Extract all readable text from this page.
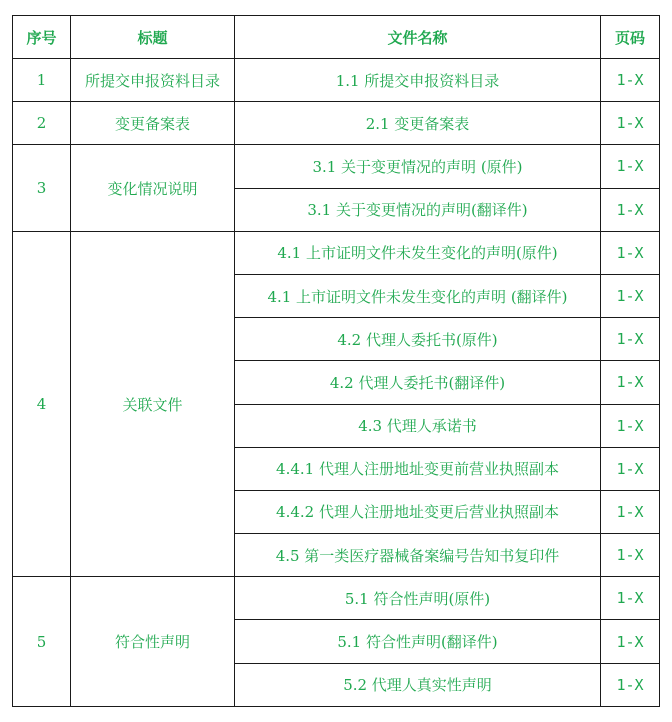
序号	标题	文件名称	页码
1	所提交申报资料目录	1.1 所提交申报资料目录	1-X
2	变更备案表	2.1 变更备案表	1-X
3	变化情况说明	3.1 关于变更情况的声明 (原件)	1-X
		3.1 关于变更情况的声明(翻译件)	1-X
4	关联文件	4.1 上市证明文件未发生变化的声明(原件)	1-X
		4.1 上市证明文件未发生变化的声明 (翻译件)	1-X
		4.2 代理人委托书(原件)	1-X
		4.2 代理人委托书(翻译件)	1-X
		4.3 代理人承诺书	1-X
		4.4.1 代理人注册地址变更前营业执照副本	1-X
		4.4.2 代理人注册地址变更后营业执照副本	1-X
		4.5 第一类医疗器械备案编号告知书复印件	1-X
5	符合性声明	5.1 符合性声明(原件)	1-X
		5.1 符合性声明(翻译件)	1-X
		5.2 代理人真实性声明	1-X
